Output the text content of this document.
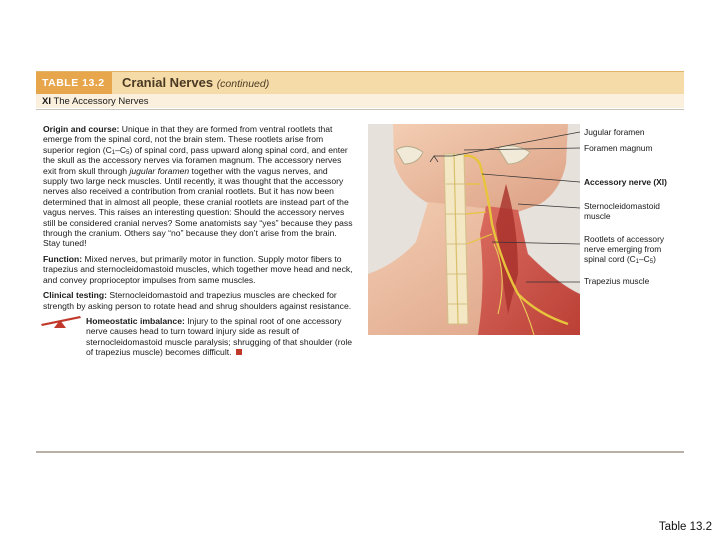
TABLE 13.2 Cranial Nerves (continued)
XI The Accessory Nerves

Origin and course: Unique in that they are formed from ventral rootlets that emerge from the spinal cord, not the brain stem. These rootlets arise from superior region $(C_1-C_5)$ of spinal cord, pass upward along spinal cord, and enter the skull as the accessory nerves via foramen magnum. The accessory nerves exit from skull through jugular foramen together with the vagus nerves, and supply two large neck muscles. Until recently, it was thought that the accessory nerves also received a contribution from cranial rootlets. But it has now been determined that in almost all people, these cranial rootlets are instead part of the vagus nerves. This raises an interesting question: Should the accessory nerves still be considered cranial nerves? Some anatomists say “yes” because they pass through the cranium. Others say “no” because they don’t arise from the brain. Stay tuned!

Function: Mixed nerves, but primarily motor in function. Supply motor fibers to trapezius and sternocleidomastoid muscles, which together move head and neck, and convey proprioceptor impulses from same muscles.

Clinical testing: Sternocleidomastoid and trapezius muscles are checked for strength by asking person to rotate head and shrug shoulders against resistance.

Homeostatic imbalance: Injury to the spinal root of one accessory nerve causes head to turn toward injury side as result of sternocleidomastoid muscle paralysis; shrugging of that shoulder (role of trapezius muscle) becomes difficult.

Jugular foramen
Foramen magnum
Accessory nerve (XI)
Sternocleidomastoid
muscle
Rootlets of accessory
nerve emerging from
spinal cord $(C_1-C_5)$
Trapezius muscle
Table 13.2
